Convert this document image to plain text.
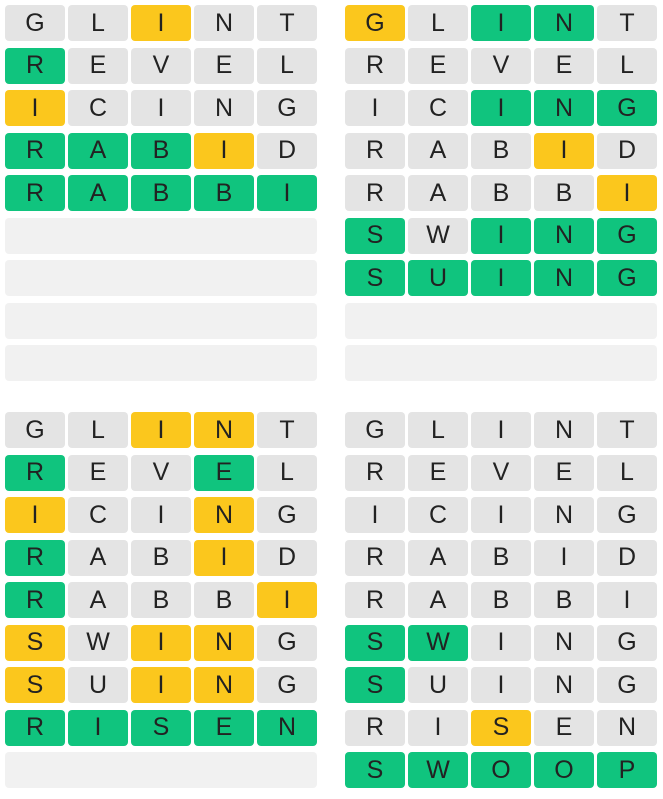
G	L	I	N	T
R	E	V	E	L
I	C	I	N	G
R	A	B	I	D
R	A	B	B	I
G	L	I	N	T
R	E	V	E	L
I	C	I	N	G
R	A	B	I	D
R	A	B	B	I
S	W	I	N	G
S	U	I	N	G
G	L	I	N	T
R	E	V	E	L
I	C	I	N	G
R	A	B	I	D
R	A	B	B	I
S	W	I	N	G
S	U	I	N	G
R	I	S	E	N
G	L	I	N	T
R	E	V	E	L
I	C	I	N	G
R	A	B	I	D
R	A	B	B	I
S	W	I	N	G
S	U	I	N	G
R	I	S	E	N
S	W	O	O	P
